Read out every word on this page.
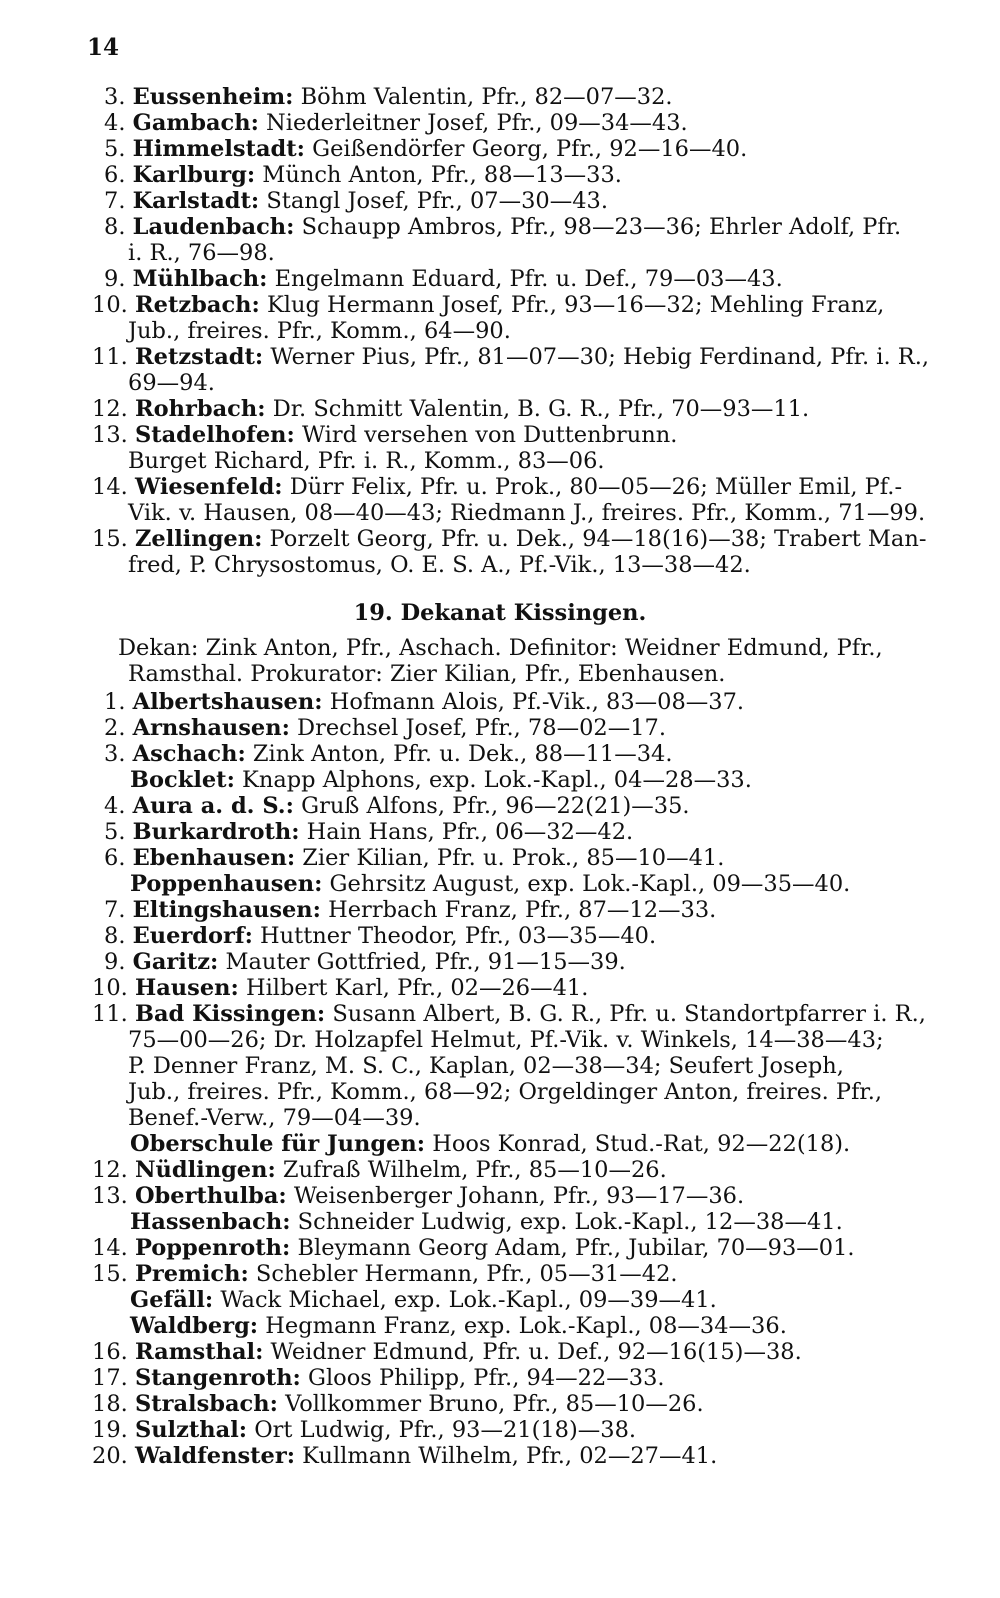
14
3. Eussenheim: Böhm Valentin, Pfr., 82—07—32.
4. Gambach: Niederleitner Josef, Pfr., 09—34—43.
5. Himmelstadt: Geißendörfer Georg, Pfr., 92—16—40.
6. Karlburg: Münch Anton, Pfr., 88—13—33.
7. Karlstadt: Stangl Josef, Pfr., 07—30—43.
8. Laudenbach: Schaupp Ambros, Pfr., 98—23—36; Ehrler Adolf, Pfr.
i. R., 76—98.
9. Mühlbach: Engelmann Eduard, Pfr. u. Def., 79—03—43.
10. Retzbach: Klug Hermann Josef, Pfr., 93—16—32; Mehling Franz,
Jub., freires. Pfr., Komm., 64—90.
11. Retzstadt: Werner Pius, Pfr., 81—07—30; Hebig Ferdinand, Pfr. i. R.,
69—94.
12. Rohrbach: Dr. Schmitt Valentin, B. G. R., Pfr., 70—93—11.
13. Stadelhofen: Wird versehen von Duttenbrunn.
Burget Richard, Pfr. i. R., Komm., 83—06.
14. Wiesenfeld: Dürr Felix, Pfr. u. Prok., 80—05—26; Müller Emil, Pf.-
Vik. v. Hausen, 08—40—43; Riedmann J., freires. Pfr., Komm., 71—99.
15. Zellingen: Porzelt Georg, Pfr. u. Dek., 94—18(16)—38; Trabert Man-
fred, P. Chrysostomus, O. E. S. A., Pf.-Vik., 13—38—42.
19. Dekanat Kissingen.
Dekan: Zink Anton, Pfr., Aschach. Definitor: Weidner Edmund, Pfr.,
Ramsthal. Prokurator: Zier Kilian, Pfr., Ebenhausen.
1. Albertshausen: Hofmann Alois, Pf.-Vik., 83—08—37.
2. Arnshausen: Drechsel Josef, Pfr., 78—02—17.
3. Aschach: Zink Anton, Pfr. u. Dek., 88—11—34.
Bocklet: Knapp Alphons, exp. Lok.-Kapl., 04—28—33.
4. Aura a. d. S.: Gruß Alfons, Pfr., 96—22(21)—35.
5. Burkardroth: Hain Hans, Pfr., 06—32—42.
6. Ebenhausen: Zier Kilian, Pfr. u. Prok., 85—10—41.
Poppenhausen: Gehrsitz August, exp. Lok.-Kapl., 09—35—40.
7. Eltingshausen: Herrbach Franz, Pfr., 87—12—33.
8. Euerdorf: Huttner Theodor, Pfr., 03—35—40.
9. Garitz: Mauter Gottfried, Pfr., 91—15—39.
10. Hausen: Hilbert Karl, Pfr., 02—26—41.
11. Bad Kissingen: Susann Albert, B. G. R., Pfr. u. Standortpfarrer i. R.,
75—00—26; Dr. Holzapfel Helmut, Pf.-Vik. v. Winkels, 14—38—43;
P. Denner Franz, M. S. C., Kaplan, 02—38—34; Seufert Joseph,
Jub., freires. Pfr., Komm., 68—92; Orgeldinger Anton, freires. Pfr.,
Benef.-Verw., 79—04—39.
Oberschule für Jungen: Hoos Konrad, Stud.-Rat, 92—22(18).
12. Nüdlingen: Zufraß Wilhelm, Pfr., 85—10—26.
13. Oberthulba: Weisenberger Johann, Pfr., 93—17—36.
Hassenbach: Schneider Ludwig, exp. Lok.-Kapl., 12—38—41.
14. Poppenroth: Bleymann Georg Adam, Pfr., Jubilar, 70—93—01.
15. Premich: Schebler Hermann, Pfr., 05—31—42.
Gefäll: Wack Michael, exp. Lok.-Kapl., 09—39—41.
Waldberg: Hegmann Franz, exp. Lok.-Kapl., 08—34—36.
16. Ramsthal: Weidner Edmund, Pfr. u. Def., 92—16(15)—38.
17. Stangenroth: Gloos Philipp, Pfr., 94—22—33.
18. Stralsbach: Vollkommer Bruno, Pfr., 85—10—26.
19. Sulzthal: Ort Ludwig, Pfr., 93—21(18)—38.
20. Waldfenster: Kullmann Wilhelm, Pfr., 02—27—41.
